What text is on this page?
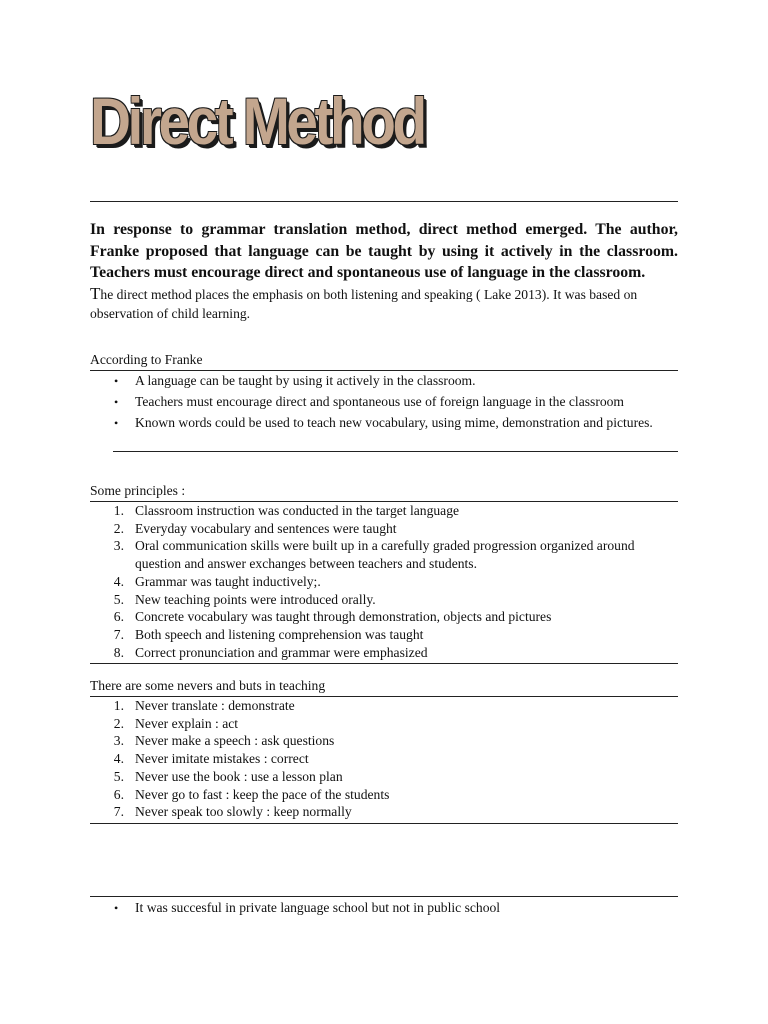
Direct Method

In response to grammar translation method, direct method emerged. The author, Franke proposed that language can be taught by using it actively in the classroom. Teachers must encourage direct and spontaneous use of language in the classroom.

The direct method places the emphasis on both listening and speaking ( Lake 2013). It was based on observation of child learning.

According to Franke

•	A language can be taught by using it actively in the classroom.
•	Teachers must encourage direct and spontaneous use of foreign language in the classroom
•	Known words could be used to teach new vocabulary, using mime, demonstration and pictures.

Some principles :

1. Classroom instruction was conducted in the target language
2. Everyday vocabulary and sentences were taught
3. Oral communication skills were built up in a carefully graded progression organized around question and answer exchanges between teachers and students.
4. Grammar was taught inductively;.
5. New teaching points were introduced orally.
6. Concrete vocabulary was taught through demonstration, objects and pictures
7. Both speech and listening comprehension was taught
8. Correct pronunciation and grammar were emphasized

There are some nevers and buts in teaching

1. Never translate : demonstrate
2. Never explain : act
3. Never make a speech : ask questions
4. Never imitate mistakes : correct
5. Never use the book : use a lesson plan
6. Never go to fast : keep the pace of the students
7. Never speak too slowly : keep normally
•	It was succesful in private language school but not in public school
